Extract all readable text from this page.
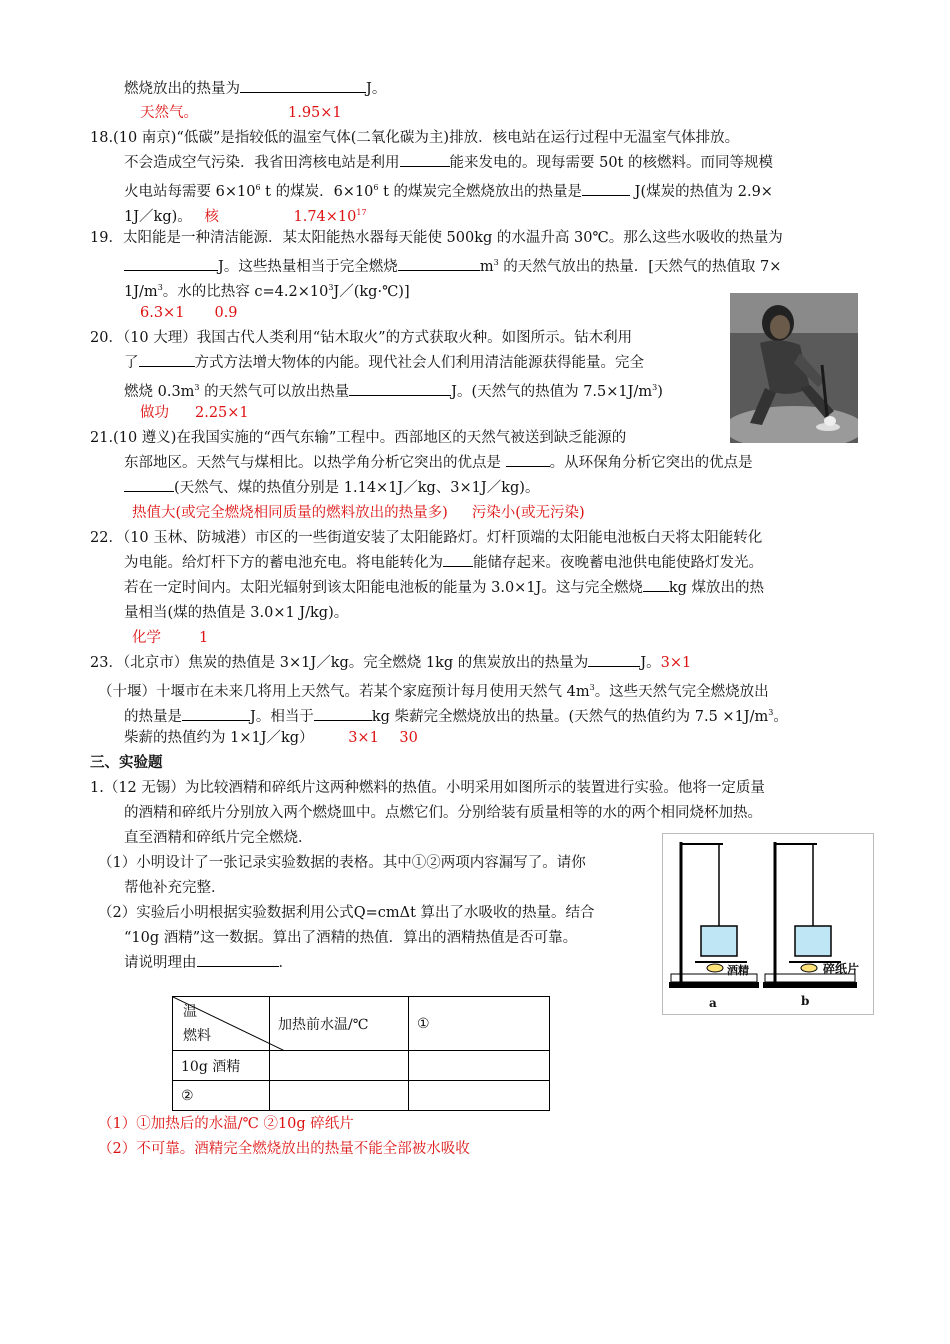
燃烧放出的热量为	J。
天然气。	1.95×1
18.(10 南京)“低碳”是指较低的温室气体(二氧化碳为主)排放．核电站在运行过程中无温室气体排放。
不会造成空气污染．我省田湾核电站是利用	能来发电的。现每需要 50t 的核燃料。而同等规模
火电站每需要 $6\times 10^6$ t 的煤炭．$6\times 10^6$ t 的煤炭完全燃烧放出的热量是	J(煤炭的热值为 2.9×
1J／kg)。 核	$1.74\times 10^{17}$
19．太阳能是一种清洁能源．某太阳能热水器每天能使 500kg 的水温升高 30℃。那么这些水吸收的热量为
J。这些热量相当于完全燃烧	$m^3$ 的天然气放出的热量．[天然气的热值取 7×
$1J/m^3$。水的比热容 $c=4.2\times 10^3J/(kg\cdot℃)$]
6.3×1 0.9
20．（10 大理）我国古代人类利用“钻木取火”的方式获取火种。如图所示。钻木利用
了	方式方法增大物体的内能。现代社会人们利用清洁能源获得能量。完全
燃烧 $0.3m^3$ 的天然气可以放出热量	J。(天然气的热值为 $7.5\times 1J/m^3$)
做功 2.25×1
21.(10 遵义)在我国实施的“西气东输”工程中。西部地区的天然气被送到缺乏能源的
东部地区。天然气与煤相比。以热学角分析它突出的优点是	。从环保角分析它突出的优点是
(天然气、煤的热值分别是 1.14×1J／kg、3×1J／kg)。
热值大(或完全燃烧相同质量的燃料放出的热量多) 污染小(或无污染)
22．（10 玉林、防城港）市区的一些街道安装了太阳能路灯。灯杆顶端的太阳能电池板白天将太阳能转化
为电能。给灯杆下方的蓄电池充电。将电能转化为 能储存起来。夜晚蓄电池供电能使路灯发光。
若在一定时间内。太阳光辐射到该太阳能电池板的能量为 3.0×1J。这与完全燃烧 kg 煤放出的热
量相当(煤的热值是 3.0×1 J/kg)。
化学	1
23．（北京市）焦炭的热值是 3×1J／kg。完全燃烧 1kg 的焦炭放出的热量为	J。3×1
（十堰）十堰市在未来几将用上天然气。若某个家庭预计每月使用天然气 $4m^3$。这些天然气完全燃烧放出
的热量是	J。相当于	kg 柴薪完全燃烧放出的热量。(天然气的热值约为 $7.5 \times 1J/m^3$。
柴薪的热值约为 1×1J／kg） 3×1 30
三、实验题
1.（12 无锡）为比较酒精和碎纸片这两种燃料的热值。小明采用如图所示的装置进行实验。他将一定质量
的酒精和碎纸片分别放入两个燃烧皿中。点燃它们。分别给装有质量相等的水的两个相同烧杯加热。
直至酒精和碎纸片完全燃烧．
（1）小明设计了一张记录实验数据的表格。其中①②两项内容漏写了。请你
帮他补充完整．
（2）实验后小明根据实验数据利用公式Q=cmΔt 算出了水吸收的热量。结合
“10g 酒精”这一数据。算出了酒精的热值．算出的酒精热值是否可靠。
请说明理由	．	酒精	碎纸片
a	b
温
燃料	加热前水温/℃	①
10g 酒精		
②		
（1）①加热后的水温/℃ ②10g 碎纸片
（2）不可靠。酒精完全燃烧放出的热量不能全部被水吸收
